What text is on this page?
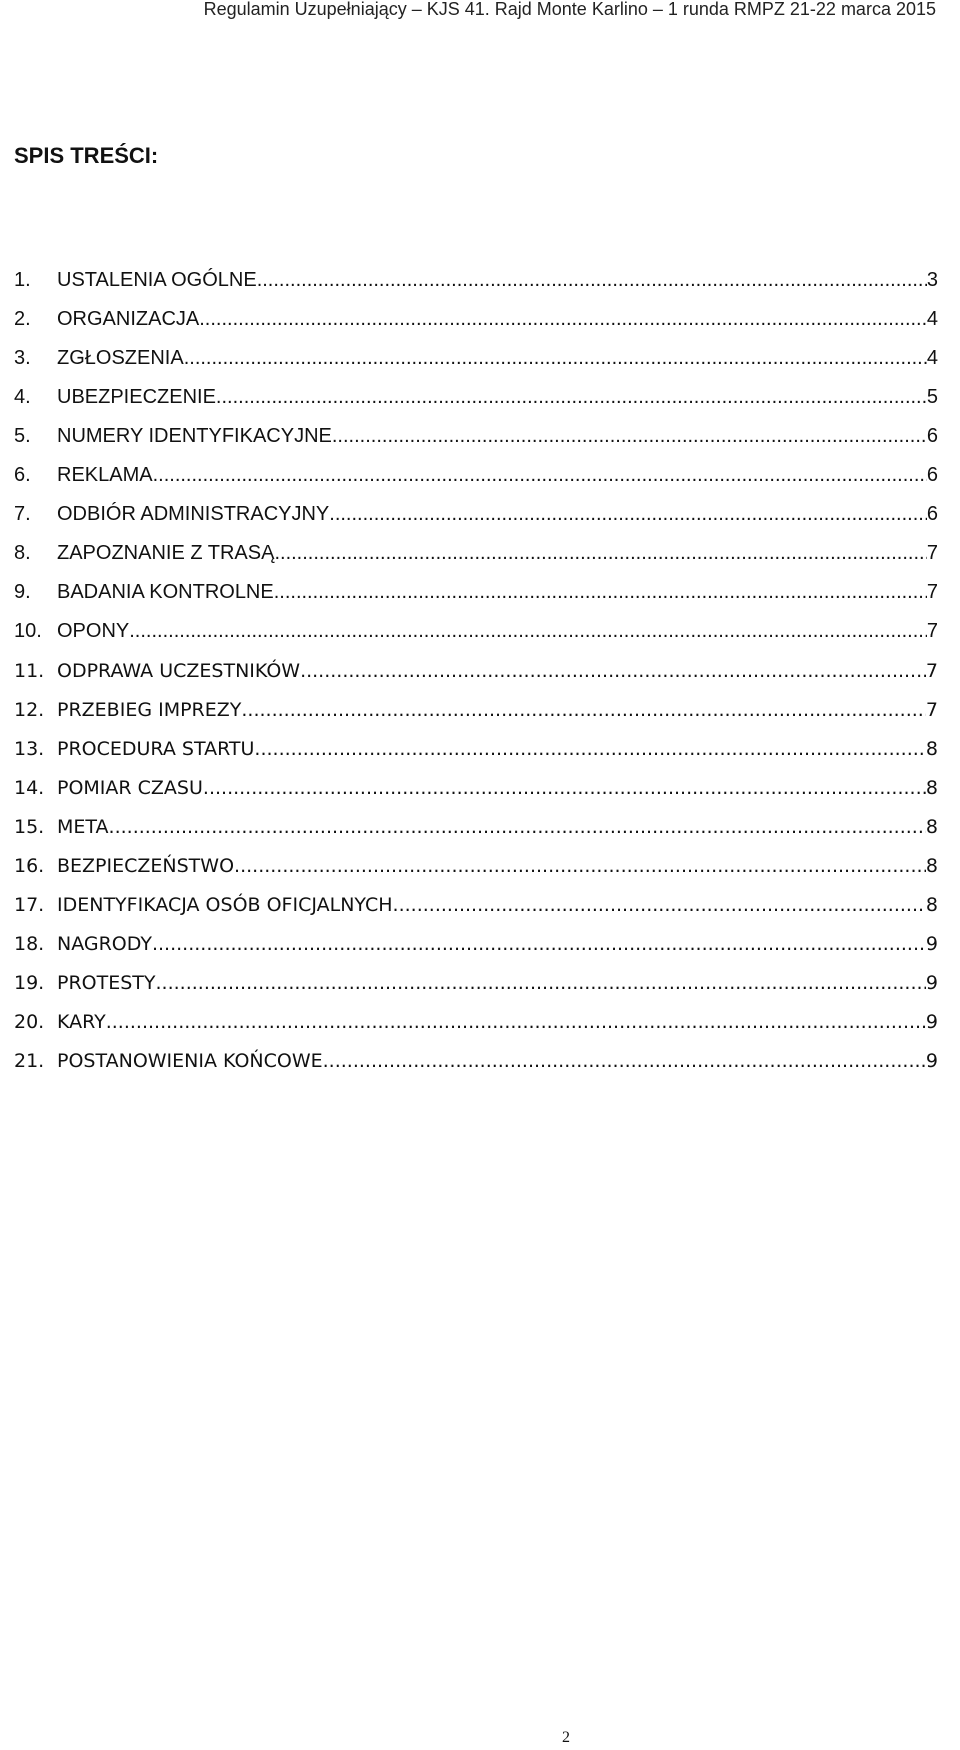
Regulamin Uzupełniający – KJS 41. Rajd Monte Karlino – 1 runda RMPZ 21-22 marca 2015
SPIS TREŚCI:
1.	USTALENIA OGÓLNE .....	3
2.	ORGANIZACJA .....	4
3.	ZGŁOSZENIA .....	4
4.	UBEZPIECZENIE .....	5
5.	NUMERY IDENTYFIKACYJNE .....	6
6.	REKLAMA .....	6
7.	ODBIÓR ADMINISTRACYJNY .....	6
8.	ZAPOZNANIE Z TRASĄ .....	7
9.	BADANIA KONTROLNE .....	7
10. OPONY .....	7
11. ODPRAWA UCZESTNIKÓW .....	7
12. PRZEBIEG IMPREZY .....	7
13. PROCEDURA STARTU .....	8
14. POMIAR CZASU .....	8
15. META .....	8
16. BEZPIECZEŃSTWO .....	8
17. IDENTYFIKACJA OSÓB OFICJALNYCH .....	8
18. NAGRODY .....	9
19. PROTESTY .....	9
20. KARY .....	9
21. POSTANOWIENIA KOŃCOWE .....	9
2
